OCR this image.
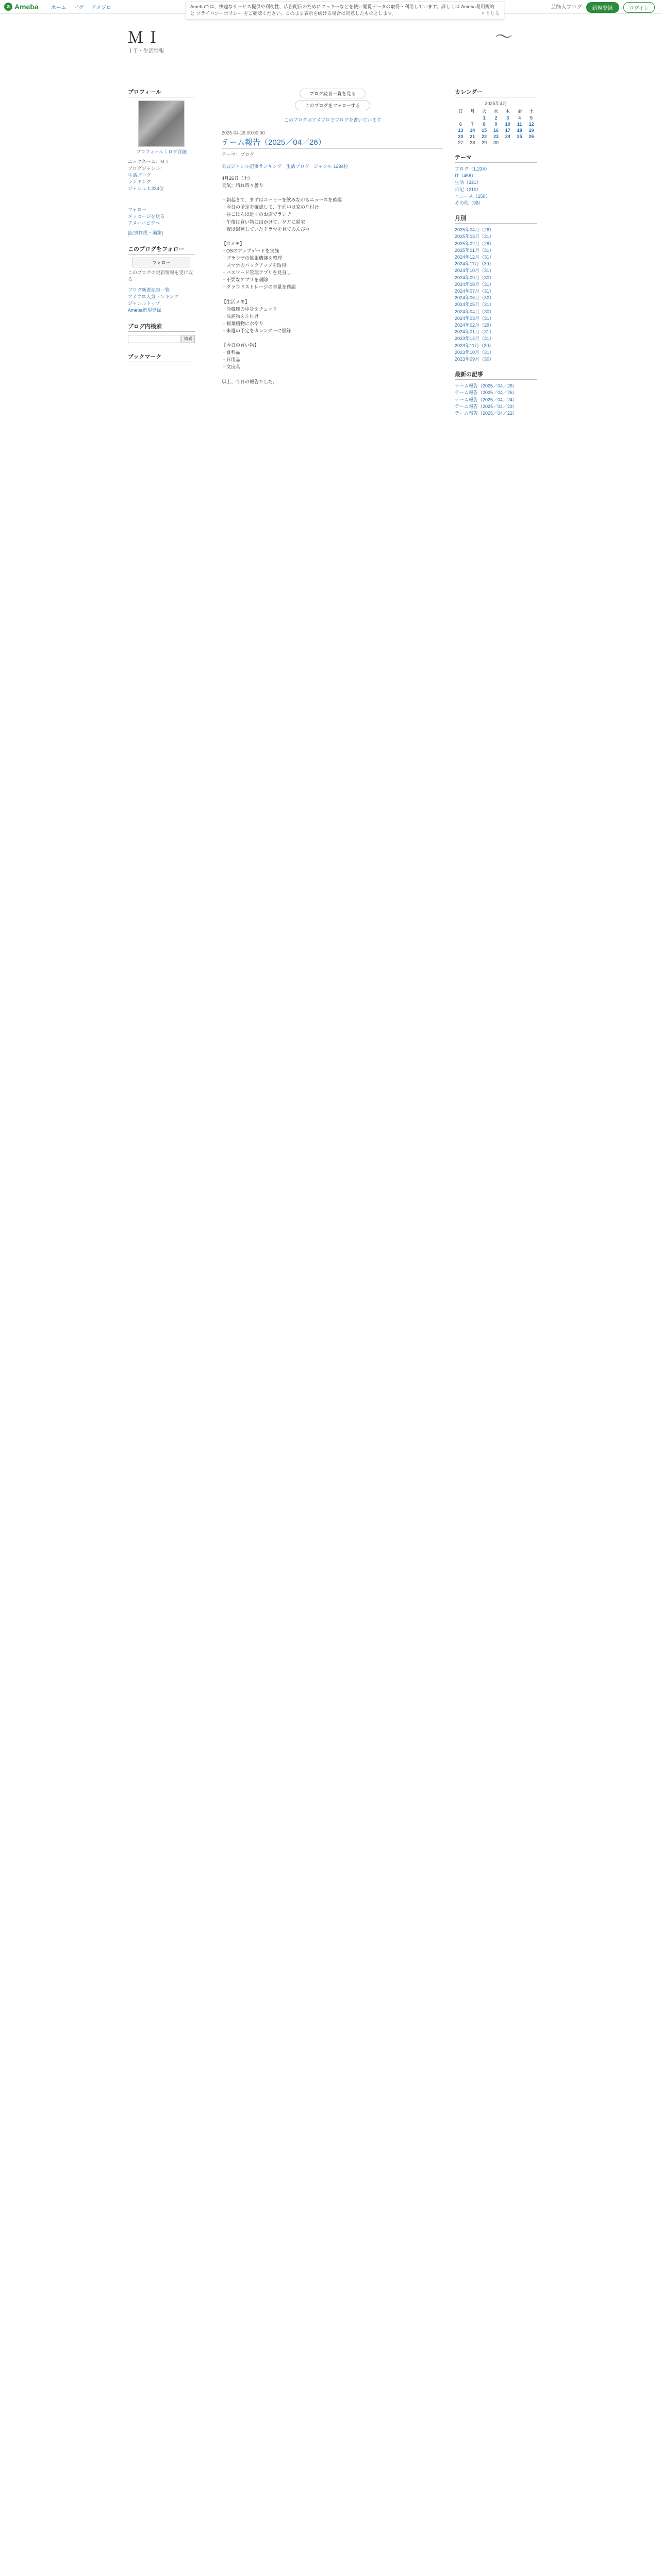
a Ameba ホーム ピグ アメブロ	芸能人ブログ	新規登録	ログイン
Amebaでは、快適なサービス提供や利便性、広告配信のためにクッキーなどを使い閲覧データの取得・利用しています。詳しくは Ameba利用規約 と プライバシーポリシー をご確認ください。このまま表示を続ける場合は同意したものとします。	× とじる
ＭＩ
ＩＴ・生活情報
〜
プロフィール
プロフィール｜ログ詳細
ニックネーム：ＭＩ
ブログジャンル：
生活ブログ
ランキング
ジャンル 1,234位
フォロー
メッセージを送る
アメーバピグへ
[記事作成・編集]
このブログをフォロー
フォロー
このブログの更新情報を受け取る
ブログ新着記事一覧
アメブロ人気ランキング
ジャンルトップ
Ameba新規登録
ブログ内検索
検索
ブックマーク
ブログ読者一覧を見る
このブログをフォローする
このブログはアメブロでブログを書いています
2025-04-26 00:00:00
テーム報告（2025／04／26）
テーマ：ブログ
公式ジャンル記事ランキング 生活ブログ ジャンル 1234位
4月26日（土）
天気：晴れ時々曇り

・朝起きて、まずはコーヒーを飲みながらニュースを確認
・今日の予定を確認して、午前中は家の片付け
・昼ごはんは近くのお店でランチ
・午後は買い物に出かけて、夕方に帰宅
・夜は録画していたドラマを見てのんびり

【ITメモ】
・OSのアップデートを実施
・ブラウザの拡張機能を整理
・スマホのバックアップを取得
・パスワード管理アプリを見直し
・不要なアプリを削除
・クラウドストレージの容量を確認

【生活メモ】
・冷蔵庫の中身をチェック
・洗濯物を片付け
・観葉植物に水やり
・来週の予定をカレンダーに登録

【今日の買い物】
・食料品
・日用品
・文房具

以上、今日の報告でした。
カレンダー
2025年4月
日	月	火	水	木	金	土
		1	2	3	4	5
6	7	8	9	10	11	12
13	14	15	16	17	18	19
20	21	22	23	24	25	26
27	28	29	30			
テーマ
ブログ（1,234）
IT（456）
生活（321）
日記（210）
ニュース（150）
その他（98）
月別
2025年04月（26）
2025年03月（31）
2025年02月（28）
2025年01月（31）
2024年12月（31）
2024年11月（30）
2024年10月（31）
2024年09月（30）
2024年08月（31）
2024年07月（31）
2024年06月（30）
2024年05月（31）
2024年04月（30）
2024年03月（31）
2024年02月（29）
2024年01月（31）
2023年12月（31）
2023年11月（30）
2023年10月（31）
2023年09月（30）
最新の記事
テーム報告（2025／04／26）
テーム報告（2025／04／25）
テーム報告（2025／04／24）
テーム報告（2025／04／23）
テーム報告（2025／04／22）
